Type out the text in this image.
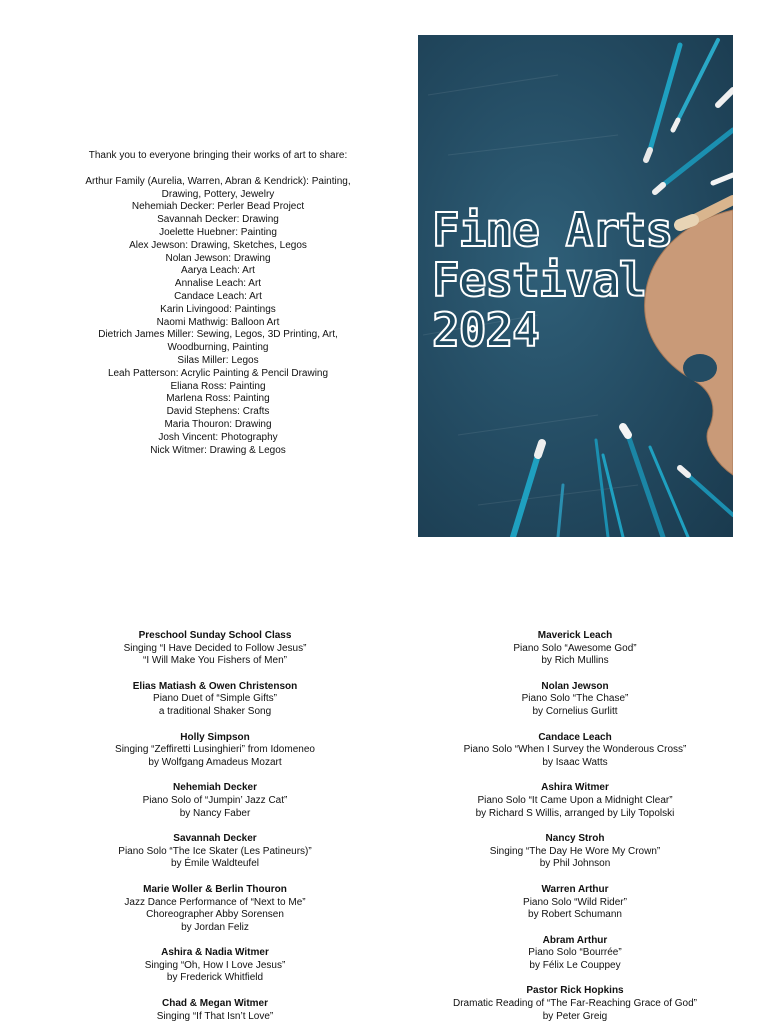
Thank you to everyone bringing their works of art to share:

Arthur Family (Aurelia, Warren, Abran & Kendrick): Painting,

Drawing, Pottery, Jewelry

Nehemiah Decker: Perler Bead Project

Savannah Decker: Drawing

Joelette Huebner: Painting

Alex Jewson: Drawing, Sketches, Legos

Nolan Jewson: Drawing

Aarya Leach: Art

Annalise Leach: Art

Candace Leach: Art

Karin Livingood: Paintings

Naomi Mathwig: Balloon Art

Dietrich James Miller: Sewing, Legos, 3D Printing, Art,

Woodburning, Painting

Silas Miller: Legos

Leah Patterson: Acrylic Painting & Pencil Drawing

Eliana Ross: Painting

Marlena Ross: Painting

David Stephens: Crafts

Maria Thouron: Drawing

Josh Vincent: Photography

Nick Witmer: Drawing & Legos

Fine Arts
Festival
2024
Preschool Sunday School Class
Singing “I Have Decided to Follow Jesus”
“I Will Make You Fishers of Men”
Elias Matiash & Owen Christenson
Piano Duet of “Simple Gifts”
a traditional Shaker Song
Holly Simpson
Singing “Zeffiretti Lusinghieri” from Idomeneo
by Wolfgang Amadeus Mozart
Nehemiah Decker
Piano Solo of “Jumpin’ Jazz Cat”
by Nancy Faber
Savannah Decker
Piano Solo “The Ice Skater (Les Patineurs)”
by Émile Waldteufel
Marie Woller & Berlin Thouron
Jazz Dance Performance of “Next to Me”
Choreographer Abby Sorensen
by Jordan Feliz
Ashira & Nadia Witmer
Singing “Oh, How I Love Jesus”
by Frederick Whitfield
Chad & Megan Witmer
Singing “If That Isn’t Love”
Maverick Leach
Piano Solo “Awesome God”
by Rich Mullins
Nolan Jewson
Piano Solo “The Chase”
by Cornelius Gurlitt
Candace Leach
Piano Solo “When I Survey the Wonderous Cross”
by Isaac Watts
Ashira Witmer
Piano Solo “It Came Upon a Midnight Clear”
by Richard S Willis, arranged by Lily Topolski
Nancy Stroh
Singing “The Day He Wore My Crown”
by Phil Johnson
Warren Arthur
Piano Solo “Wild Rider”
by Robert Schumann
Abram Arthur
Piano Solo “Bourrée”
by Félix Le Couppey
Pastor Rick Hopkins
Dramatic Reading of “The Far-Reaching Grace of God”
by Peter Greig
